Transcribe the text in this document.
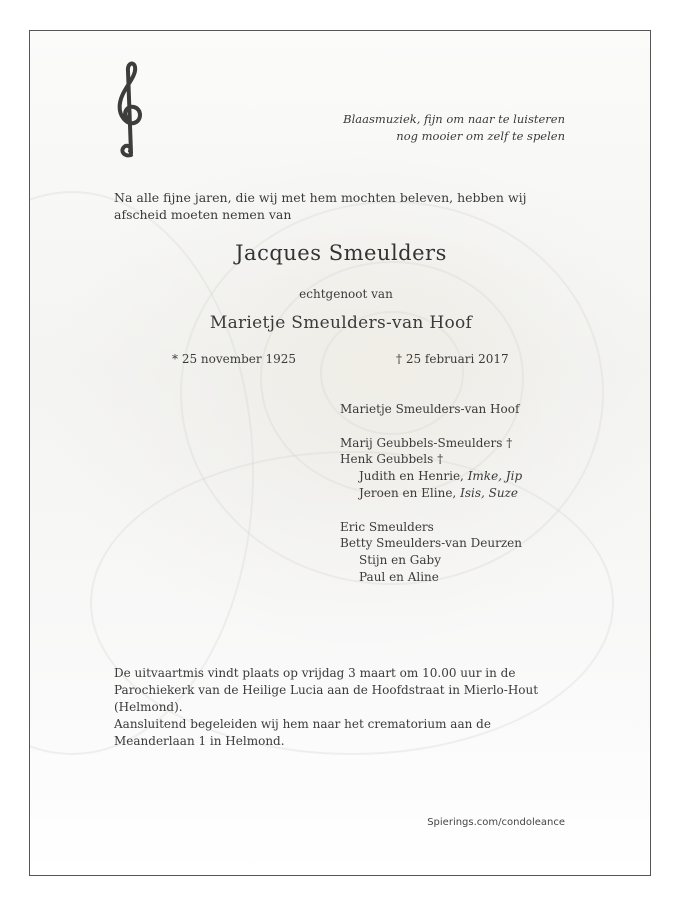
Blaasmuziek, fijn om naar te luisteren
nog mooier om zelf te spelen
Na alle fijne jaren, die wij met hem mochten beleven, hebben wij afscheid moeten nemen van
Jacques Smeulders
echtgenoot van
Marietje Smeulders-van Hoof
* 25 november 1925	† 25 februari 2017
Marietje Smeulders-van Hoof
Marij Geubbels-Smeulders †
Henk Geubbels †
Judith en Henrie, Imke, Jip
Jeroen en Eline, Isis, Suze
Eric Smeulders
Betty Smeulders-van Deurzen
Stijn en Gaby
Paul en Aline
De uitvaartmis vindt plaats op vrijdag 3 maart om 10.00 uur in de
Parochiekerk van de Heilige Lucia aan de Hoofdstraat in Mierlo-Hout
(Helmond).
Aansluitend begeleiden wij hem naar het crematorium aan de
Meanderlaan 1 in Helmond.
Spierings.com/condoleance
